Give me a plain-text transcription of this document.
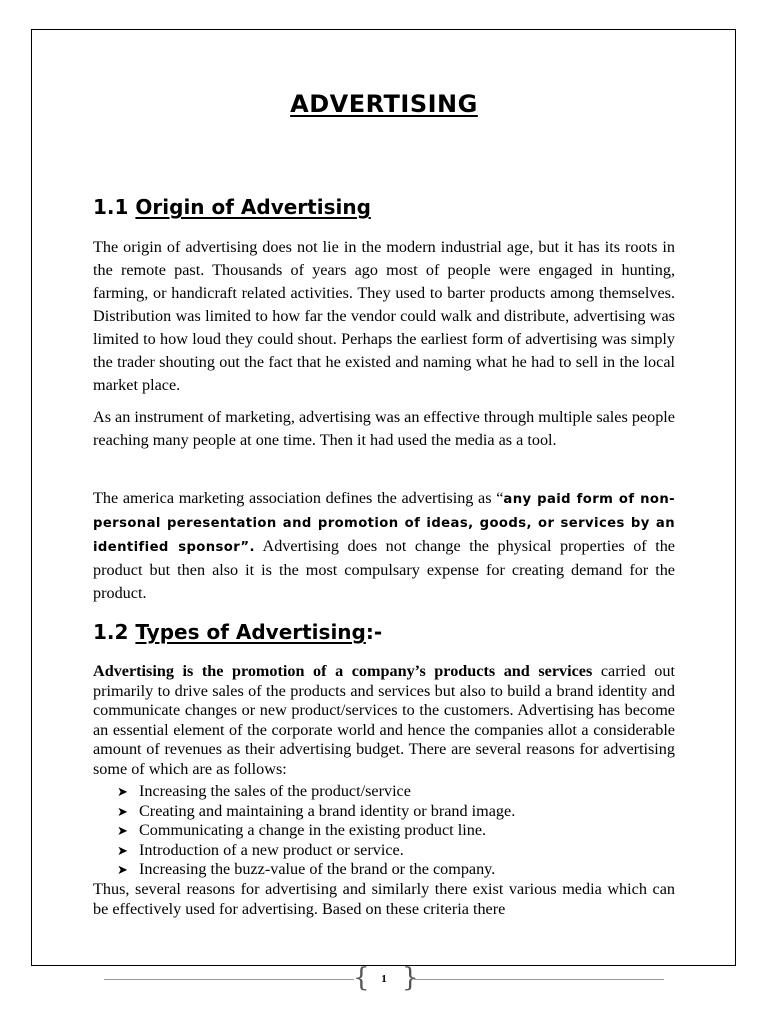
ADVERTISING
1.1 Origin of Advertising

The origin of advertising does not lie in the modern industrial age, but it has its roots in the remote past. Thousands of years ago most of people were engaged in hunting, farming, or handicraft related activities. They used to barter products among themselves. Distribution was limited to how far the vendor could walk and distribute, advertising was limited to how loud they could shout. Perhaps the earliest form of advertising was simply the trader shouting out the fact that he existed and naming what he had to sell in the local market place.

As an instrument of marketing, advertising was an effective through multiple sales people reaching many people at one time. Then it had used the media as a tool.

The america marketing association defines the advertising as “any paid form of non-personal peresentation and promotion of ideas, goods, or services by an identified sponsor”. Advertising does not change the physical properties of the product but then also it is the most compulsary expense for creating demand for the product.

1.2 Types of Advertising:-

Advertising is the promotion of a company’s products and services carried out primarily to drive sales of the products and services but also to build a brand identity and communicate changes or new product/services to the customers. Advertising has become an essential element of the corporate world and hence the companies allot a considerable amount of revenues as their advertising budget. There are several reasons for advertising some of which are as follows:

➤ Increasing the sales of the product/service
➤ Creating and maintaining a brand identity or brand image.
➤ Communicating a change in the existing product line.
➤ Introduction of a new product or service.
➤ Increasing the buzz-value of the brand or the company.

Thus, several reasons for advertising and similarly there exist various media which can be effectively used for advertising. Based on these criteria there

{ }
1
